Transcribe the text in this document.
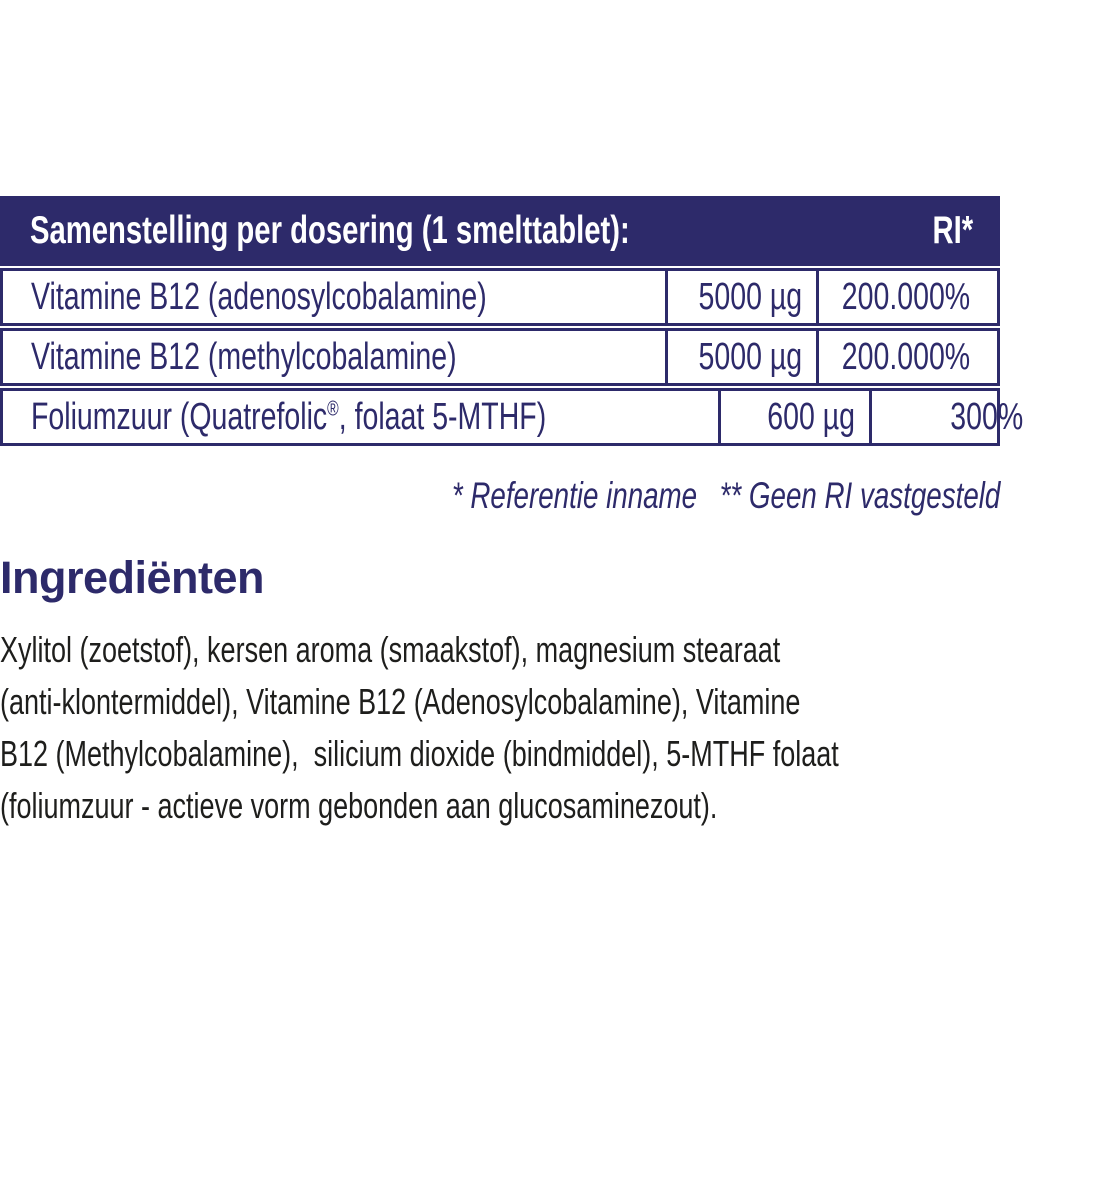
Samenstelling per dosering (1 smelttablet):	RI*
Vitamine B12 (adenosylcobalamine)	5000 µg 200.000%
Vitamine B12 (methylcobalamine)	5000 µg 200.000%
Foliumzuur (Quatrefolic®, folaat 5-MTHF)	600 µg	300%
* Referentie inname ** Geen RI vastgesteld
Ingrediënten
Xylitol (zoetstof), kersen aroma (smaakstof), magnesium stearaat
(anti-klontermiddel), Vitamine B12 (Adenosylcobalamine), Vitamine
B12 (Methylcobalamine),  silicium dioxide (bindmiddel), 5-MTHF folaat
(foliumzuur - actieve vorm gebonden aan glucosaminezout).
